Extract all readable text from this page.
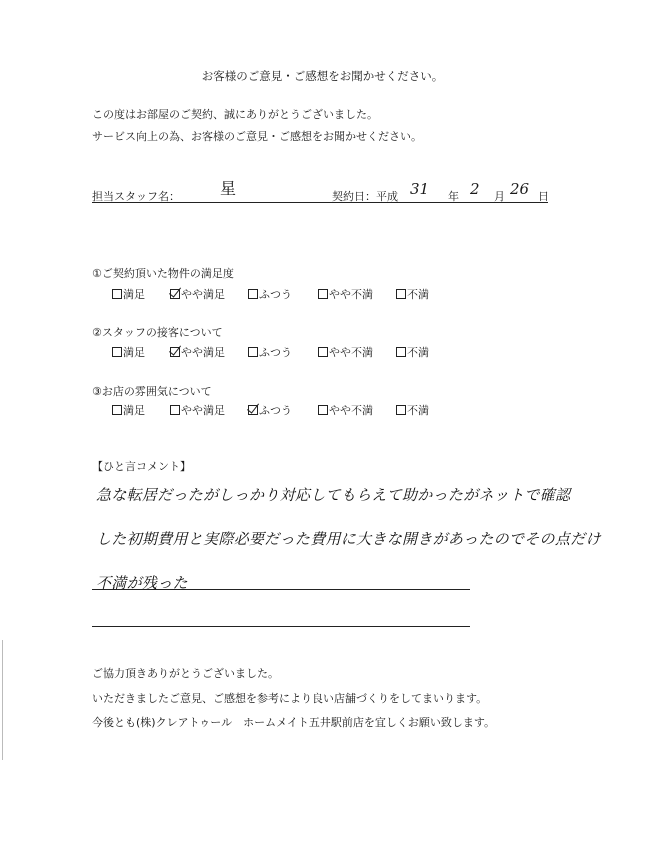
お客様のご意見・ご感想をお聞かせください。
この度はお部屋のご契約、誠にありがとうございました。
サービス向上の為、お客様のご意見・ご感想をお聞かせください。
担当スタッフ名：	星	契約日：平成 31 年 2 月 26 日
①ご契約頂いた物件の満足度
満足	やや満足	ふつう	やや不満	不満
②スタッフの接客について
満足	やや満足	ふつう	やや不満	不満
③お店の雰囲気について
満足	やや満足	ふつう	やや不満	不満
【ひと言コメント】
急な転居だったがしっかり対応してもらえて助かったがネットで確認
した初期費用と実際必要だった費用に大きな開きがあったのでその点だけ
不満が残った
ご協力頂きありがとうございました。
いただきましたご意見、ご感想を参考により良い店舗づくりをしてまいります。
今後とも(株)クレアトゥール　ホームメイト五井駅前店を宜しくお願い致します。
